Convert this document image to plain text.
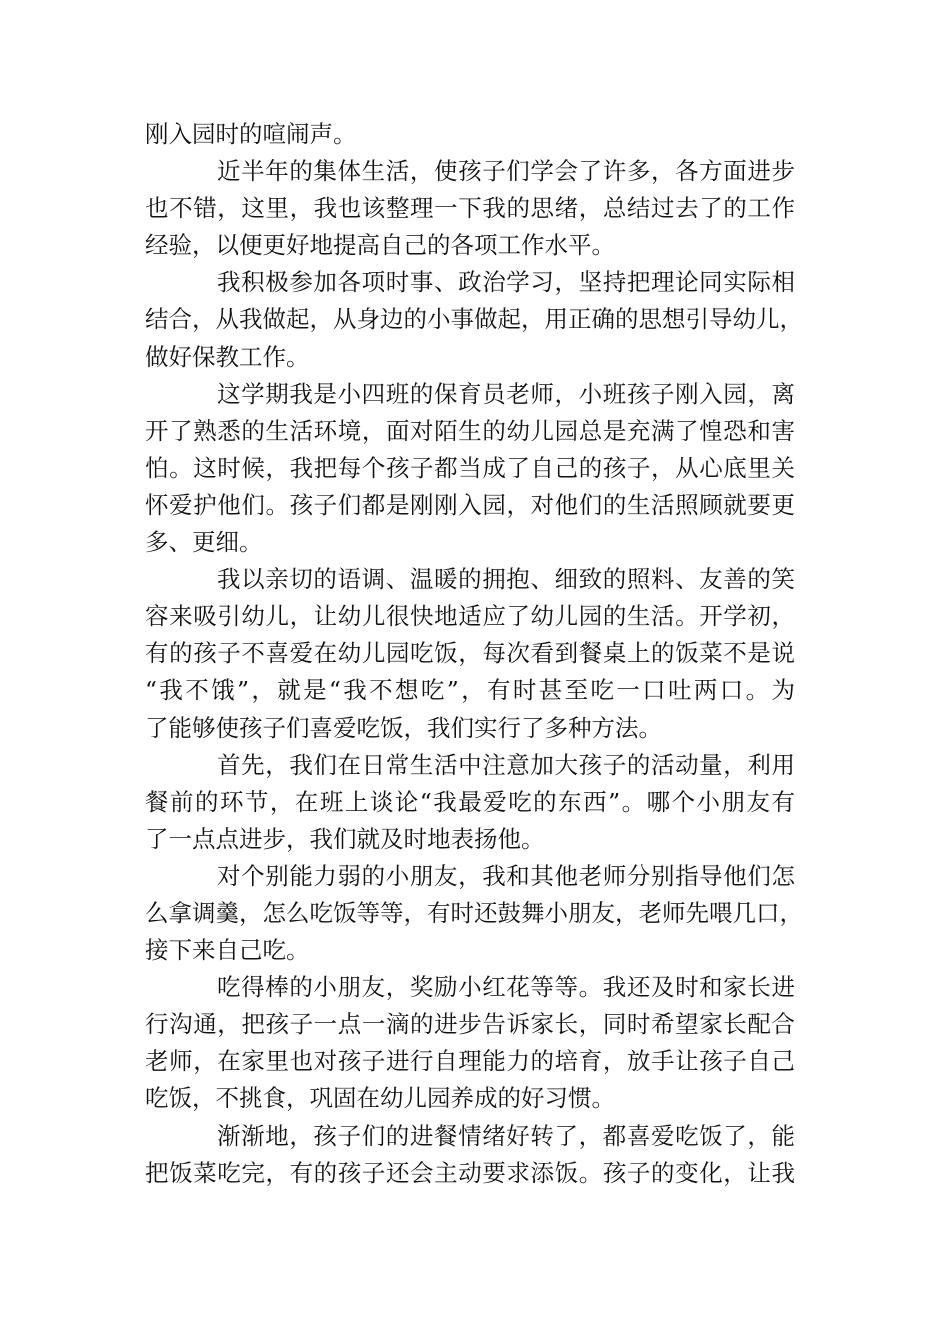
刚入园时的喧闹声。
近半年的集体生活，使孩子们学会了许多，各方面进步
也不错，这里，我也该整理一下我的思绪，总结过去了的工作
经验，以便更好地提高自己的各项工作水平。
我积极参加各项时事、政治学习，坚持把理论同实际相
结合，从我做起，从身边的小事做起，用正确的思想引导幼儿，
做好保教工作。
这学期我是小四班的保育员老师，小班孩子刚入园，离
开了熟悉的生活环境，面对陌生的幼儿园总是充满了惶恐和害
怕。这时候，我把每个孩子都当成了自己的孩子，从心底里关
怀爱护他们。孩子们都是刚刚入园，对他们的生活照顾就要更
多、更细。
我以亲切的语调、温暖的拥抱、细致的照料、友善的笑
容来吸引幼儿，让幼儿很快地适应了幼儿园的生活。开学初，
有的孩子不喜爱在幼儿园吃饭，每次看到餐桌上的饭菜不是说
“我不饿”，就是“我不想吃”，有时甚至吃一口吐两口。为
了能够使孩子们喜爱吃饭，我们实行了多种方法。
首先，我们在日常生活中注意加大孩子的活动量，利用
餐前的环节，在班上谈论“我最爱吃的东西”。哪个小朋友有
了一点点进步，我们就及时地表扬他。
对个别能力弱的小朋友，我和其他老师分别指导他们怎
么拿调羹，怎么吃饭等等，有时还鼓舞小朋友，老师先喂几口，
接下来自己吃。
吃得棒的小朋友，奖励小红花等等。我还及时和家长进
行沟通，把孩子一点一滴的进步告诉家长，同时希望家长配合
老师，在家里也对孩子进行自理能力的培育，放手让孩子自己
吃饭，不挑食，巩固在幼儿园养成的好习惯。
渐渐地，孩子们的进餐情绪好转了，都喜爱吃饭了，能
把饭菜吃完，有的孩子还会主动要求添饭。孩子的变化，让我
